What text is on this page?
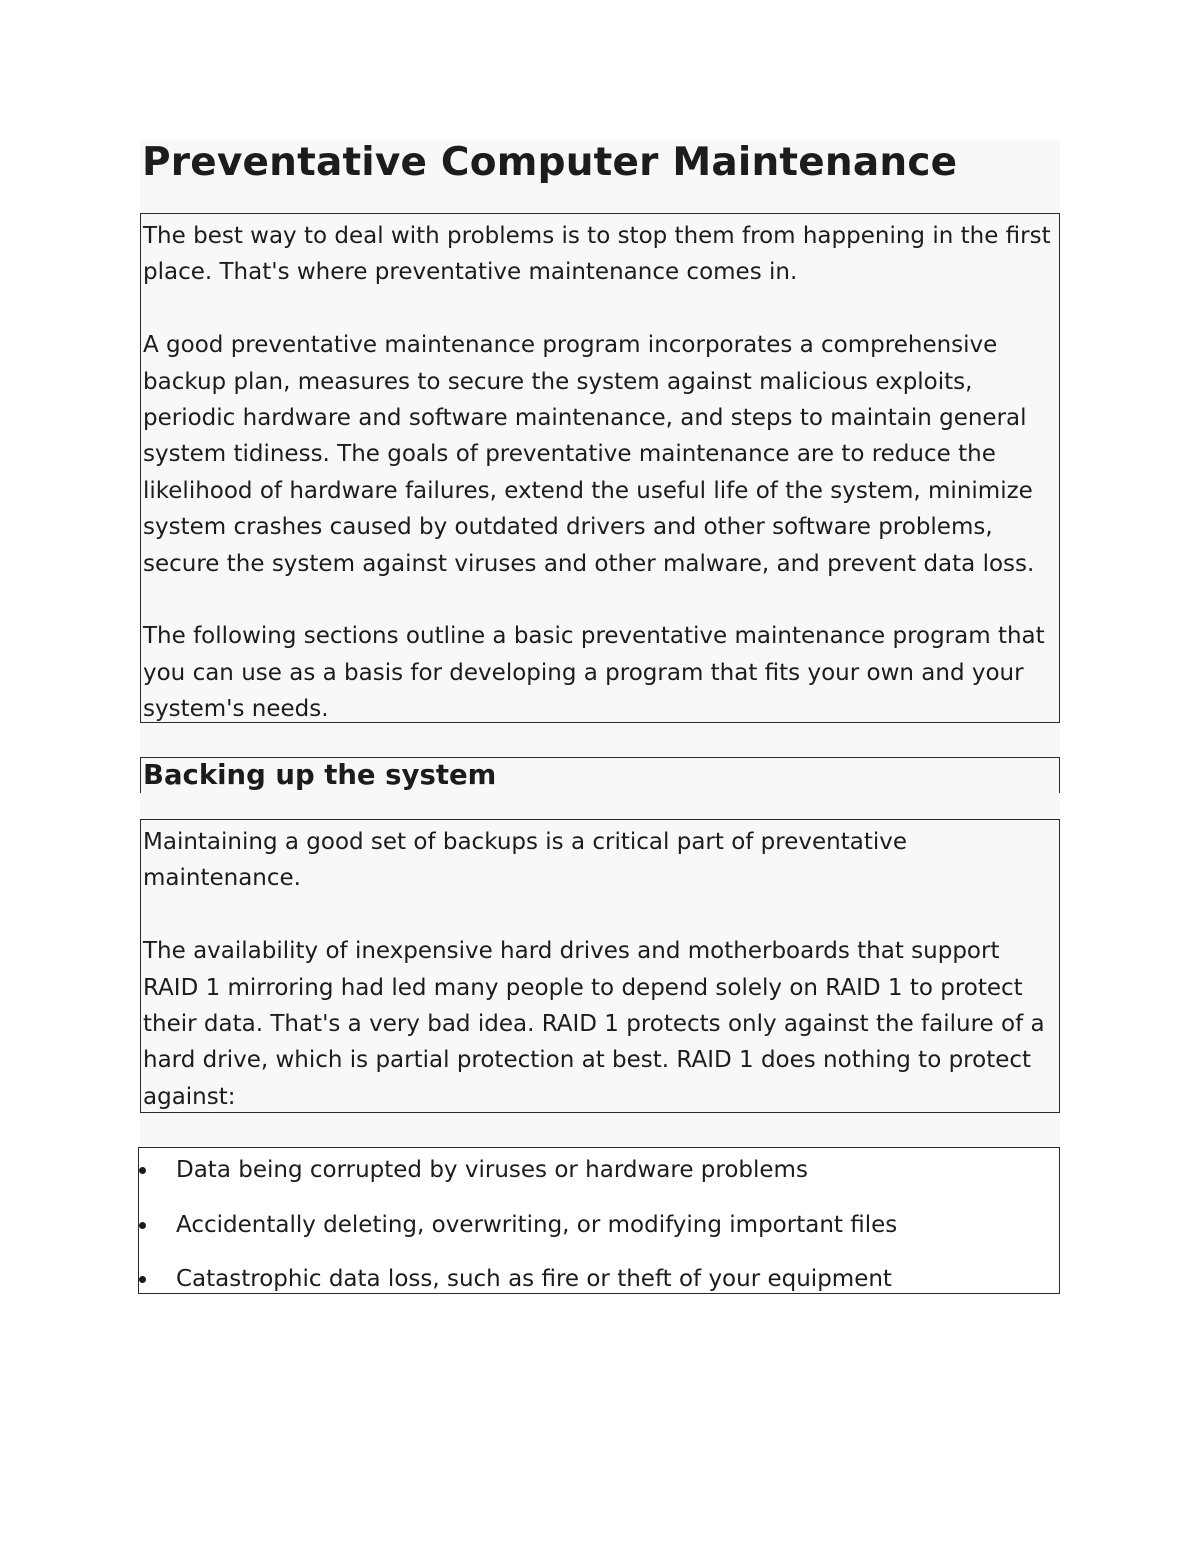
Preventative Computer Maintenance

The best way to deal with problems is to stop them from happening in the first place. That's where preventative maintenance comes in.

A good preventative maintenance program incorporates a comprehensive backup plan, measures to secure the system against malicious exploits, periodic hardware and software maintenance, and steps to maintain general system tidiness. The goals of preventative maintenance are to reduce the likelihood of hardware failures, extend the useful life of the system, minimize system crashes caused by outdated drivers and other software problems, secure the system against viruses and other malware, and prevent data loss.

The following sections outline a basic preventative maintenance program that you can use as a basis for developing a program that fits your own and your system's needs.

Backing up the system

Maintaining a good set of backups is a critical part of preventative maintenance.

The availability of inexpensive hard drives and motherboards that support RAID 1 mirroring had led many people to depend solely on RAID 1 to protect their data. That's a very bad idea. RAID 1 protects only against the failure of a hard drive, which is partial protection at best. RAID 1 does nothing to protect against:

Data being corrupted by viruses or hardware problems
Accidentally deleting, overwriting, or modifying important files
Catastrophic data loss, such as fire or theft of your equipment
